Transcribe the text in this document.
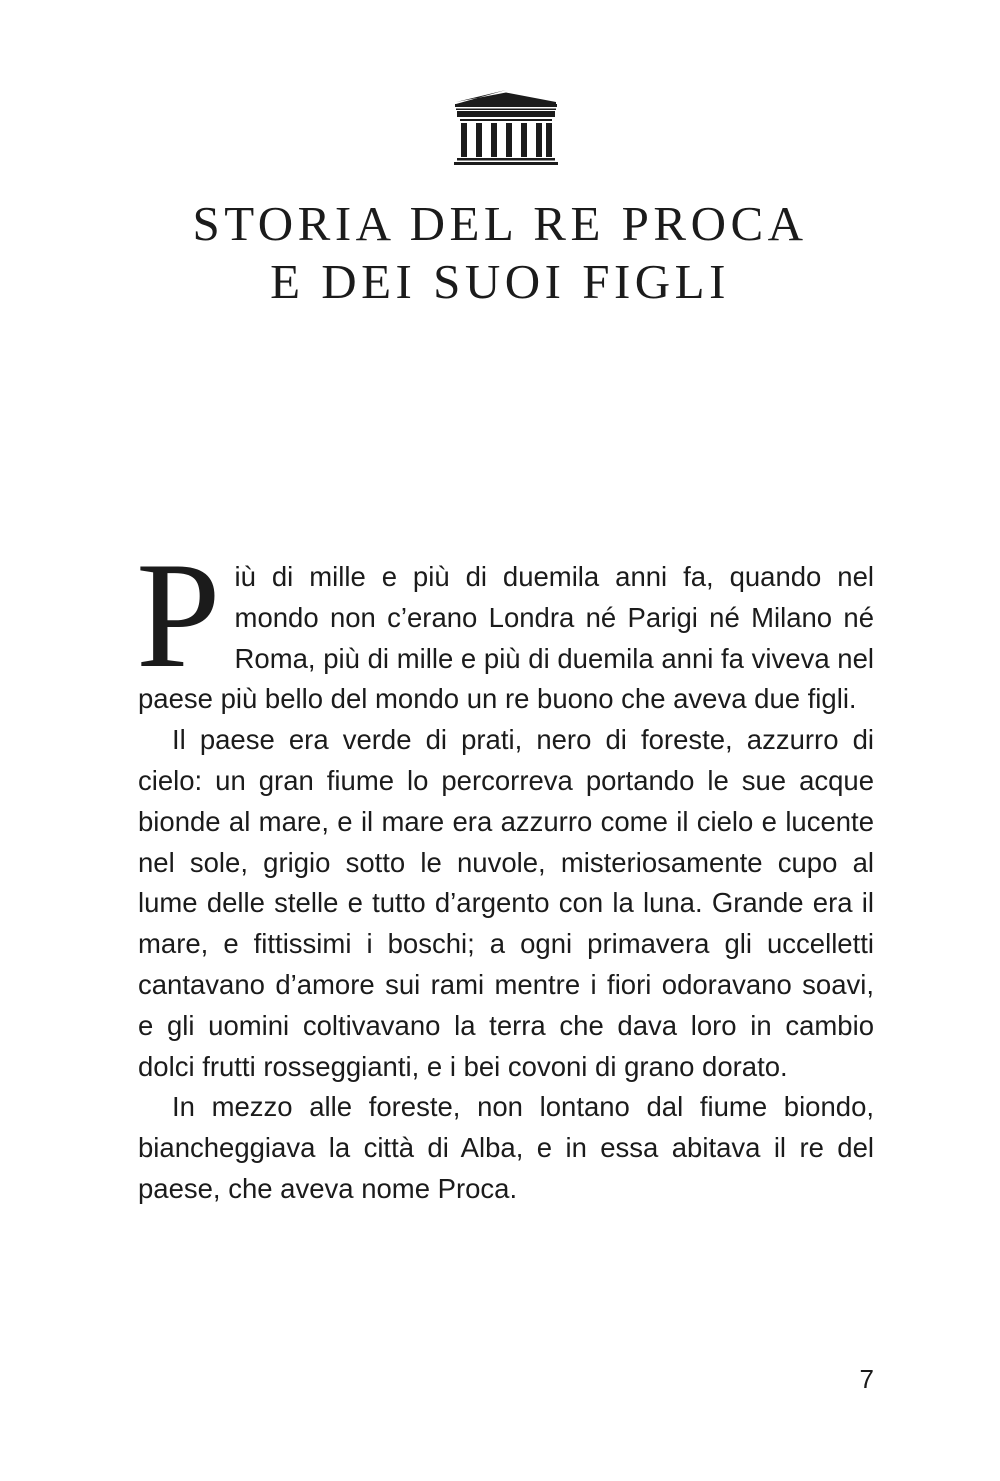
STORIA DEL RE PROCA
E DEI SUOI FIGLI

Più di mille e più di duemila anni fa, quando nel mondo non c’erano Londra né Parigi né Milano né Roma, più di mille e più di duemila anni fa viveva nel paese più bello del mondo un re buono che aveva due figli.

Il paese era verde di prati, nero di foreste, azzurro di cielo: un gran fiume lo percorreva portando le sue acque bionde al mare, e il mare era azzurro come il cielo e lucente nel sole, grigio sotto le nuvole, misteriosamente cupo al lume delle stelle e tutto d’argento con la luna. Grande era il mare, e fittissimi i boschi; a ogni primavera gli uccelletti cantavano d’amore sui rami mentre i fiori odoravano soavi, e gli uomini coltivavano la terra che dava loro in cambio dolci frutti rosseggianti, e i bei covoni di grano dorato.

In mezzo alle foreste, non lontano dal fiume biondo, biancheggiava la città di Alba, e in essa abitava il re del paese, che aveva nome Proca.

7
